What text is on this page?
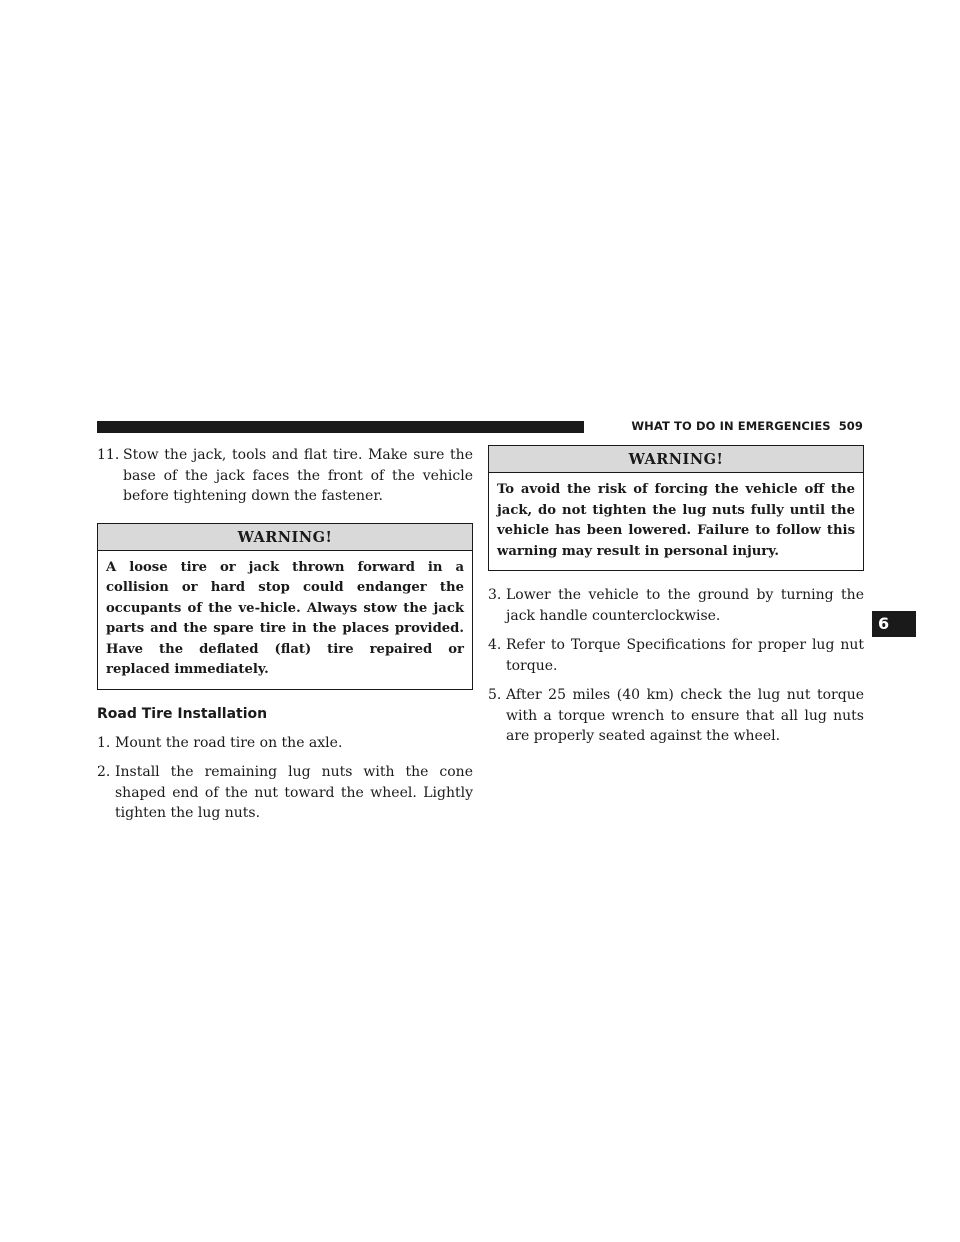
WHAT TO DO IN EMERGENCIES 509
6
11. Stow the jack, tools and flat tire. Make sure the base of the jack faces the front of the vehicle before tightening down the fastener.
WARNING!
A loose tire or jack thrown forward in a collision or hard stop could endanger the occupants of the ve-hicle. Always stow the jack parts and the spare tire in the places provided. Have the deflated (flat) tire repaired or replaced immediately.
Road Tire Installation
1. Mount the road tire on the axle.
2. Install the remaining lug nuts with the cone shaped end of the nut toward the wheel. Lightly tighten the lug nuts.
WARNING!
To avoid the risk of forcing the vehicle off the jack, do not tighten the lug nuts fully until the vehicle has been lowered. Failure to follow this warning may result in personal injury.
3. Lower the vehicle to the ground by turning the jack handle counterclockwise.
4. Refer to Torque Specifications for proper lug nut torque.
5. After 25 miles (40 km) check the lug nut torque with a torque wrench to ensure that all lug nuts are properly seated against the wheel.
